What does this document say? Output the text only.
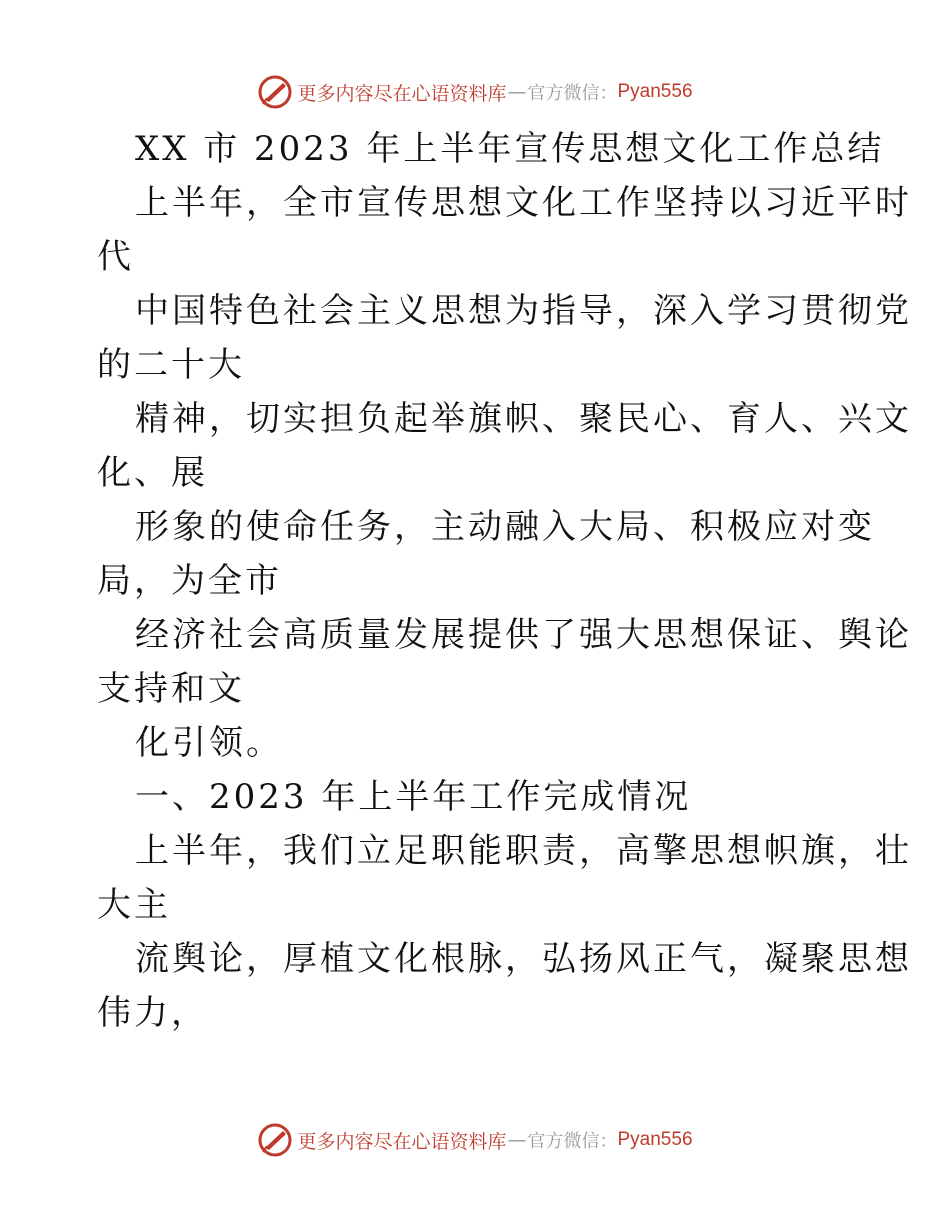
更多内容尽在心语资料库 — 官方微信： Pyan556
XX 市 2023 年上半年宣传思想文化工作总结
上半年，全市宣传思想文化工作坚持以习近平时
代
中国特色社会主义思想为指导，深入学习贯彻党
的二十大
精神，切实担负起举旗帜、聚民心、育人、兴文
化、展
形象的使命任务，主动融入大局、积极应对变
局，为全市
经济社会高质量发展提供了强大思想保证、舆论
支持和文
化引领。
一、2023 年上半年工作完成情况
上半年，我们立足职能职责，高擎思想帜旗，壮
大主
流舆论，厚植文化根脉，弘扬风正气，凝聚思想
伟力，
更多内容尽在心语资料库 — 官方微信： Pyan556
